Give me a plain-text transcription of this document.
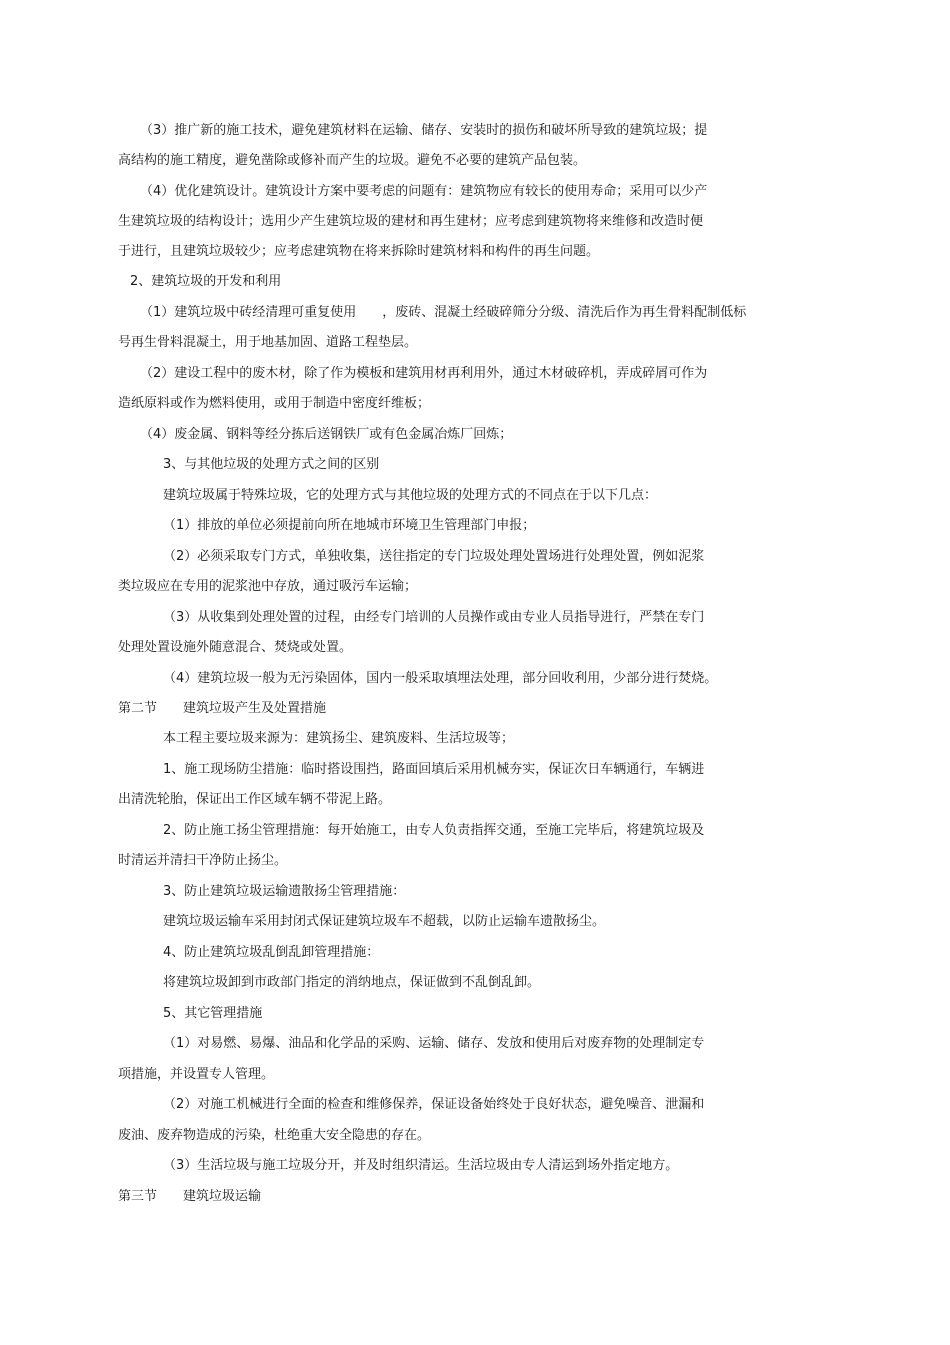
（3）推广新的施工技术，避免建筑材料在运输、储存、安装时的损伤和破坏所导致的建筑垃圾；提
高结构的施工精度，避免凿除或修补而产生的垃圾。避免不必要的建筑产品包装。
（4）优化建筑设计。建筑设计方案中要考虑的问题有：建筑物应有较长的使用寿命；采用可以少产
生建筑垃圾的结构设计；选用少产生建筑垃圾的建材和再生建材；应考虑到建筑物将来维修和改造时便
于进行，且建筑垃圾较少；应考虑建筑物在将来拆除时建筑材料和构件的再生问题。
2、建筑垃圾的开发和利用
（1）建筑垃圾中砖经清理可重复使用　　，废砖、混凝土经破碎筛分分级、清洗后作为再生骨料配制低标
号再生骨料混凝土，用于地基加固、道路工程垫层。
（2）建设工程中的废木材，除了作为模板和建筑用材再利用外，通过木材破碎机，弄成碎屑可作为
造纸原料或作为燃料使用，或用于制造中密度纤维板；
（4）废金属、钢料等经分拣后送钢铁厂或有色金属冶炼厂回炼；
3、与其他垃圾的处理方式之间的区别
建筑垃圾属于特殊垃圾，它的处理方式与其他垃圾的处理方式的不同点在于以下几点：
（1）排放的单位必须提前向所在地城市环境卫生管理部门申报；
（2）必须采取专门方式，单独收集，送往指定的专门垃圾处理处置场进行处理处置，例如泥浆
类垃圾应在专用的泥浆池中存放，通过吸污车运输；
（3）从收集到处理处置的过程，由经专门培训的人员操作或由专业人员指导进行，严禁在专门
处理处置设施外随意混合、焚烧或处置。
（4）建筑垃圾一般为无污染固体，国内一般采取填埋法处理，部分回收利用，少部分进行焚烧。
第二节　　建筑垃圾产生及处置措施
本工程主要垃圾来源为：建筑扬尘、建筑废料、生活垃圾等；
1、施工现场防尘措施：临时搭设围挡，路面回填后采用机械夯实，保证次日车辆通行，车辆进
出清洗轮胎，保证出工作区域车辆不带泥上路。
2、防止施工扬尘管理措施：每开始施工，由专人负责指挥交通，至施工完毕后，将建筑垃圾及
时清运并清扫干净防止扬尘。
3、防止建筑垃圾运输遗散扬尘管理措施：
建筑垃圾运输车采用封闭式保证建筑垃圾车不超载，以防止运输车遗散扬尘。
4、防止建筑垃圾乱倒乱卸管理措施：
将建筑垃圾卸到市政部门指定的消纳地点，保证做到不乱倒乱卸。
5、其它管理措施
（1）对易燃、易爆、油品和化学品的采购、运输、储存、发放和使用后对废弃物的处理制定专
项措施，并设置专人管理。
（2）对施工机械进行全面的检查和维修保养，保证设备始终处于良好状态，避免噪音、泄漏和
废油、废弃物造成的污染，杜绝重大安全隐患的存在。
（3）生活垃圾与施工垃圾分开，并及时组织清运。生活垃圾由专人清运到场外指定地方。
第三节　　建筑垃圾运输
